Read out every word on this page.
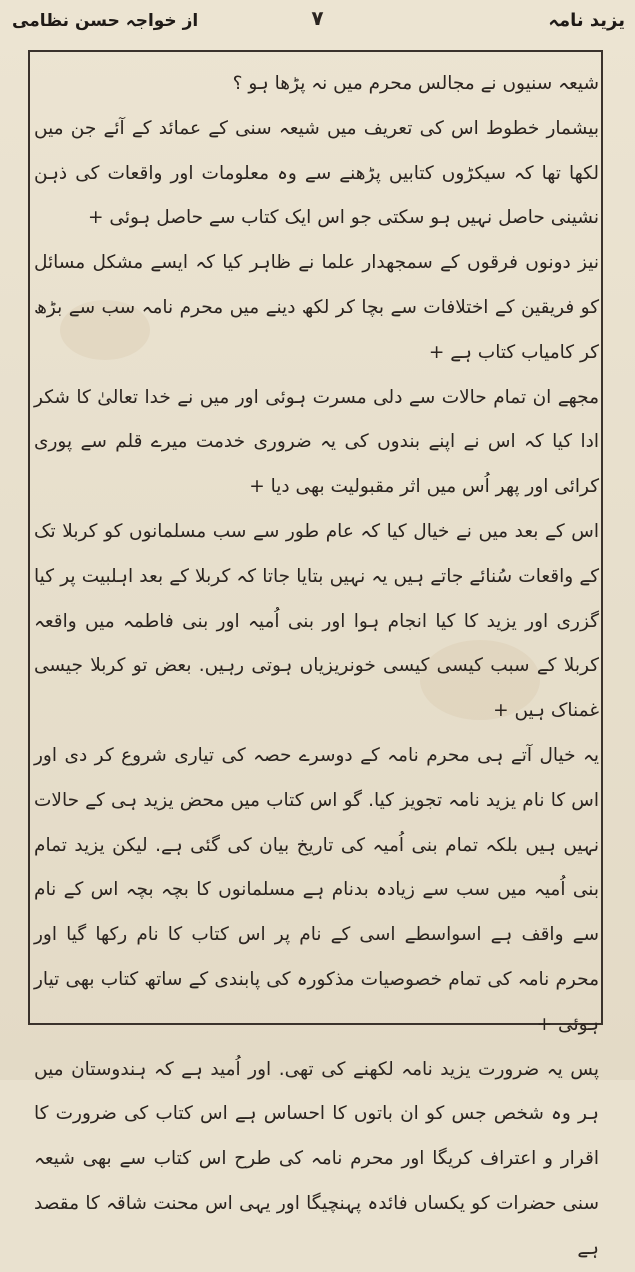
یزید نامہ
۷
از خواجہ حسن نظامی

شیعہ سنیوں نے مجالس محرم میں نہ پڑھا ہو ؟

بیشمار خطوط اس کی تعریف میں شیعہ سنی کے عمائد کے آئے جن میں لکھا تھا کہ سیکڑوں کتابیں پڑھنے سے وہ معلومات اور واقعات کی ذہن نشینی حاصل نہیں ہو سکتی جو اس ایک کتاب سے حاصل ہوئی +

نیز دونوں فرقوں کے سمجھدار علما نے ظاہر کیا کہ ایسے مشکل مسائل کو فریقین کے اختلافات سے بچا کر لکھ دینے میں محرم نامہ سب سے بڑھ کر کامیاب کتاب ہے +

مجھے ان تمام حالات سے دلی مسرت ہوئی اور میں نے خدا تعالیٰ کا شکر ادا کیا کہ اس نے اپنے بندوں کی یہ ضروری خدمت میرے قلم سے پوری کرائی اور پھر اُس میں اثر مقبولیت بھی دیا +

اس کے بعد میں نے خیال کیا کہ عام طور سے سب مسلمانوں کو کربلا تک کے واقعات سُنائے جاتے ہیں یہ نہیں بتایا جاتا کہ کربلا کے بعد اہلبیت پر کیا گزری اور یزید کا کیا انجام ہوا اور بنی اُمیہ اور بنی فاطمہ میں واقعہ کربلا کے سبب کیسی کیسی خونریزیاں ہوتی رہیں. بعض تو کربلا جیسی غمناک ہیں +

یہ خیال آتے ہی محرم نامہ کے دوسرے حصہ کی تیاری شروع کر دی اور اس کا نام یزید نامہ تجویز کیا. گو اس کتاب میں محض یزید ہی کے حالات نہیں ہیں بلکہ تمام بنی اُمیہ کی تاریخ بیان کی گئی ہے. لیکن یزید تمام بنی اُمیہ میں سب سے زیادہ بدنام ہے مسلمانوں کا بچہ بچہ اس کے نام سے واقف ہے اسواسطے اسی کے نام پر اس کتاب کا نام رکھا گیا اور محرم نامہ کی تمام خصوصیات مذکورہ کی پابندی کے ساتھ کتاب بھی تیار ہوئی +

پس یہ ضرورت یزید نامہ لکھنے کی تھی. اور اُمید ہے کہ ہندوستان میں ہر وہ شخص جس کو ان باتوں کا احساس ہے اس کتاب کی ضرورت کا اقرار و اعتراف کریگا اور محرم نامہ کی طرح اس کتاب سے بھی شیعہ سنی حضرات کو یکساں فائدہ پہنچیگا اور یہی اس محنت شاقہ کا مقصد ہے
